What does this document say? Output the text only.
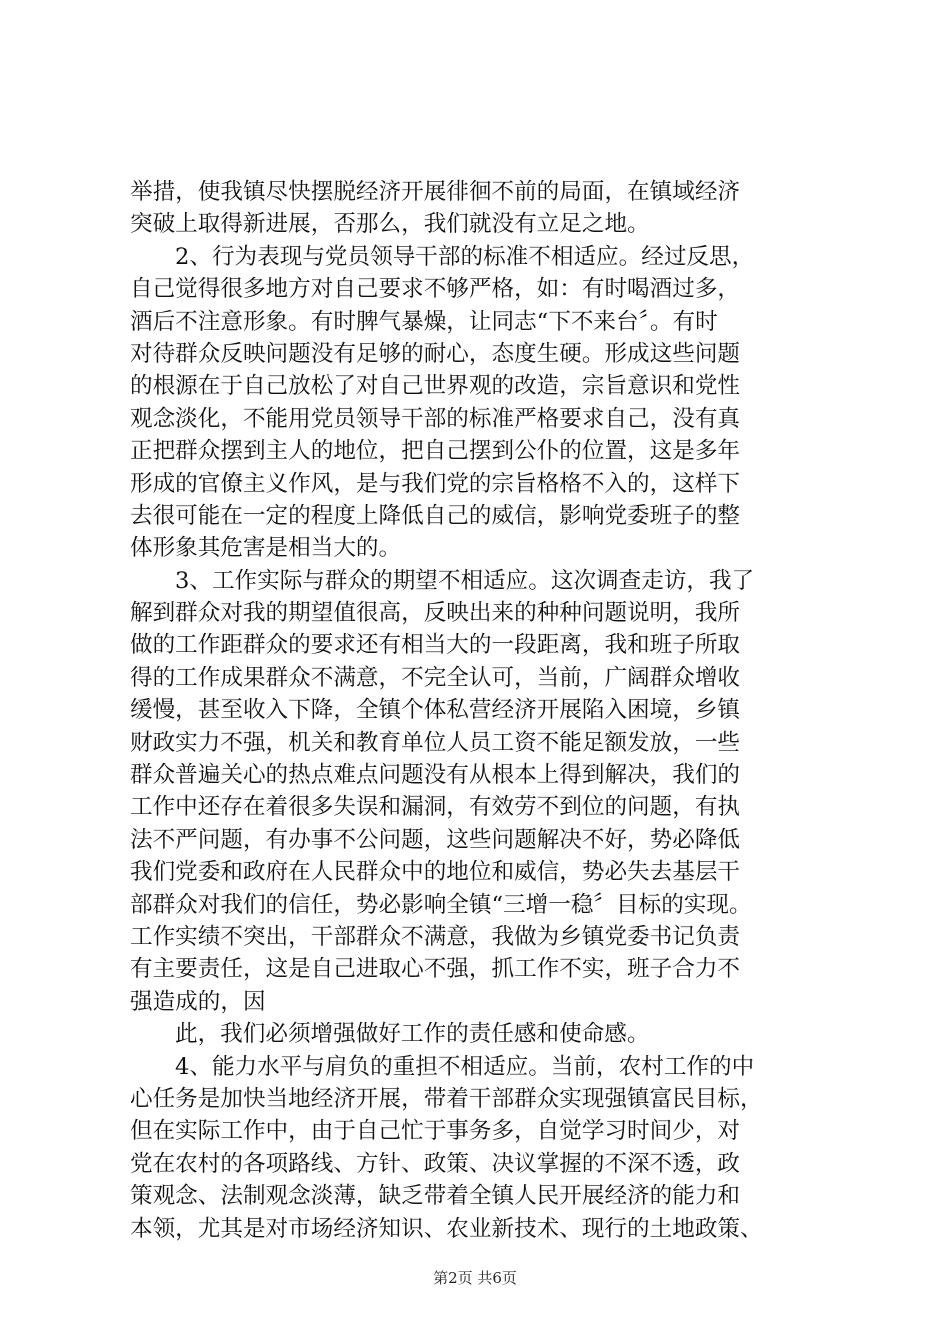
举措，使我镇尽快摆脱经济开展徘徊不前的局面，在镇域经济
突破上取得新进展，否那么，我们就没有立足之地。
2、行为表现与党员领导干部的标准不相适应。经过反思，
自己觉得很多地方对自己要求不够严格，如：有时喝酒过多，
酒后不注意形象。有时脾气暴燥，让同志“下不来台〞。有时
对待群众反映问题没有足够的耐心，态度生硬。形成这些问题
的根源在于自己放松了对自己世界观的改造，宗旨意识和党性
观念淡化，不能用党员领导干部的标准严格要求自己，没有真
正把群众摆到主人的地位，把自己摆到公仆的位置，这是多年
形成的官僚主义作风，是与我们党的宗旨格格不入的，这样下
去很可能在一定的程度上降低自己的威信，影响党委班子的整
体形象其危害是相当大的。
3、工作实际与群众的期望不相适应。这次调查走访，我了
解到群众对我的期望值很高，反映出来的种种问题说明，我所
做的工作距群众的要求还有相当大的一段距离，我和班子所取
得的工作成果群众不满意，不完全认可，当前，广阔群众增收
缓慢，甚至收入下降，全镇个体私营经济开展陷入困境，乡镇
财政实力不强，机关和教育单位人员工资不能足额发放，一些
群众普遍关心的热点难点问题没有从根本上得到解决，我们的
工作中还存在着很多失误和漏洞，有效劳不到位的问题，有执
法不严问题，有办事不公问题，这些问题解决不好，势必降低
我们党委和政府在人民群众中的地位和威信，势必失去基层干
部群众对我们的信任，势必影响全镇“三增一稳〞目标的实现。
工作实绩不突出，干部群众不满意，我做为乡镇党委书记负责
有主要责任，这是自己进取心不强，抓工作不实，班子合力不
强造成的，因
此，我们必须增强做好工作的责任感和使命感。
4、能力水平与肩负的重担不相适应。当前，农村工作的中
心任务是加快当地经济开展，带着干部群众实现强镇富民目标，
但在实际工作中，由于自己忙于事务多，自觉学习时间少，对
党在农村的各项路线、方针、政策、决议掌握的不深不透，政
策观念、法制观念淡薄，缺乏带着全镇人民开展经济的能力和
本领，尤其是对市场经济知识、农业新技术、现行的土地政策、
第2页 共6页
